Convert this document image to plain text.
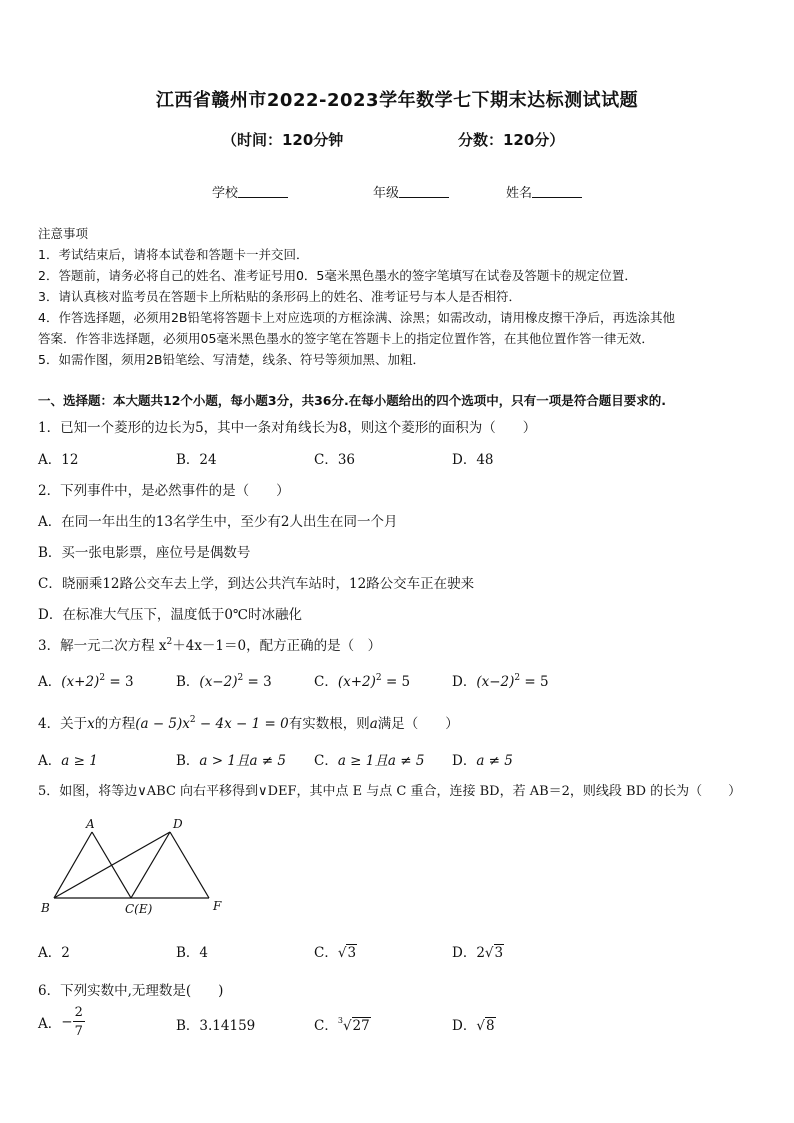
江西省赣州市2022-2023学年数学七下期末达标测试试题
（时间：120分钟	分数：120分）
学校	年级	姓名
注意事项
1．考试结束后，请将本试卷和答题卡一并交回．
2．答题前，请务必将自己的姓名、准考证号用0．5毫米黑色墨水的签字笔填写在试卷及答题卡的规定位置．
3．请认真核对监考员在答题卡上所粘贴的条形码上的姓名、准考证号与本人是否相符．
4．作答选择题，必须用2B铅笔将答题卡上对应选项的方框涂满、涂黑；如需改动，请用橡皮擦干净后，再选涂其他
答案．作答非选择题，必须用05毫米黑色墨水的签字笔在答题卡上的指定位置作答，在其他位置作答一律无效．
5．如需作图，须用2B铅笔绘、写清楚，线条、符号等须加黑、加粗．
一、选择题：本大题共12个小题，每小题3分，共36分.在每小题给出的四个选项中，只有一项是符合题目要求的.
1．已知一个菱形的边长为5，其中一条对角线长为8，则这个菱形的面积为（　　）
A．12	B．24	C．36	D．48
2．下列事件中，是必然事件的是（　　）
A．在同一年出生的13名学生中，至少有2人出生在同一个月
B．买一张电影票，座位号是偶数号
C．晓丽乘12路公交车去上学，到达公共汽车站时，12路公交车正在驶来
D．在标准大气压下，温度低于0℃时冰融化
3．解一元二次方程 $x^2+4x-1=0$，配方正确的是（　）
A．$(x+2)^2 = 3$	B．$(x-2)^2 = 3$	C．$(x+2)^2 = 5$	D．$(x-2)^2 = 5$
4．关于x的方程$(a - 5)x^2 - 4x - 1 = 0$有实数根，则a满足（　　）
A．a ≥ 1	B．a > 1且a ≠ 5 C．a ≥ 1且a ≠ 5 D．a ≠ 5
5．如图，将等边∨ABC 向右平移得到∨DEF，其中点 E 与点 C 重合，连接 BD，若 AB＝2，则线段 BD 的长为（　　）
A
B	C(E)
D
F
A．2	B．4	C．√3	D．2√3
6．下列实数中,无理数是(　　)
A．− $\frac{2}{7}$	B．3.14159	C．$^3$√27	D．√8
